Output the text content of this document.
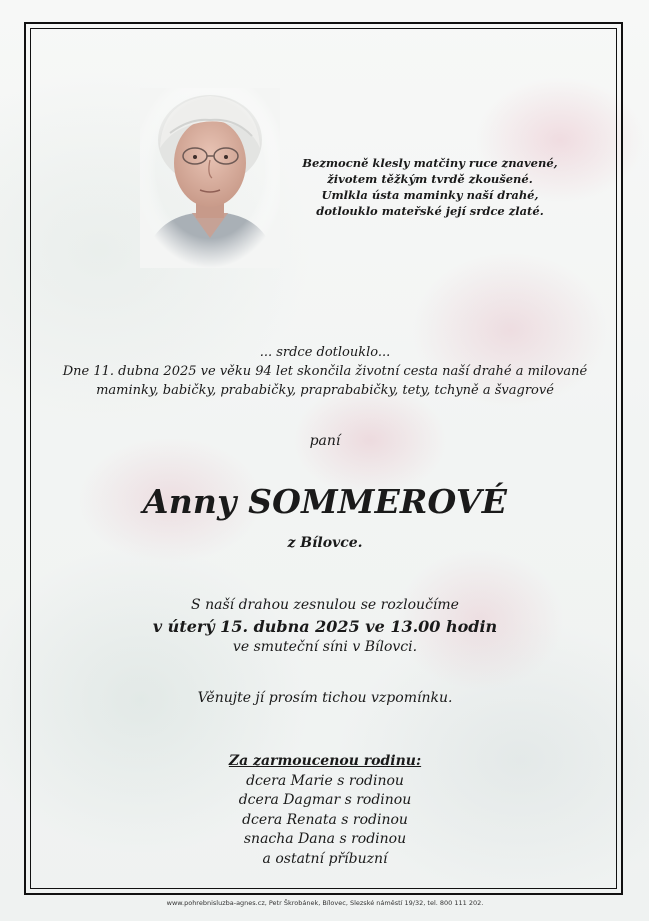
Bezmocně klesly matčiny ruce znavené,
životem těžkým tvrdě zkoušené.
Umlkla ústa maminky naší drahé,
dotlouklo mateřské její srdce zlaté.
... srdce dotlouklo...
Dne 11. dubna 2025 ve věku 94 let skončila životní cesta naší drahé a milované
maminky, babičky, prababičky, praprababičky, tety, tchyně a švagrové
paní
Anny SOMMEROVÉ
z Bílovce.
S naší drahou zesnulou se rozloučíme
v úterý 15. dubna 2025 ve 13.00 hodin
ve smuteční síni v Bílovci.
Věnujte jí prosím tichou vzpomínku.
Za zarmoucenou rodinu:
dcera Marie s rodinou
dcera Dagmar s rodinou
dcera Renata s rodinou
snacha Dana s rodinou
a ostatní příbuzní
www.pohrebnisluzba-agnes.cz, Petr Škrobánek, Bílovec, Slezské náměstí 19/32, tel. 800 111 202.
